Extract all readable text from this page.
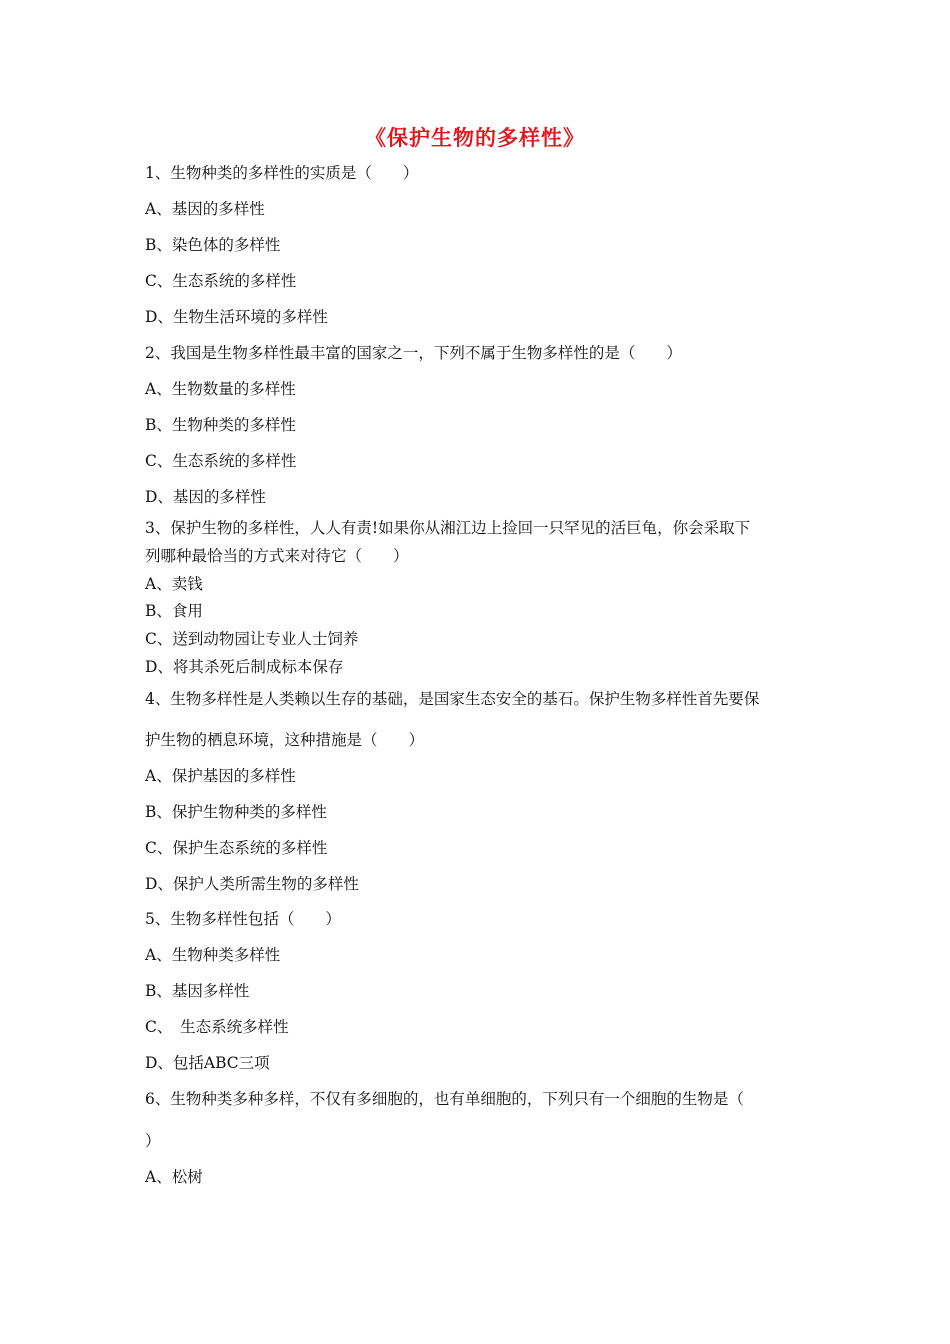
《保护生物的多样性》
1、生物种类的多样性的实质是（　　）
A、基因的多样性
B、染色体的多样性
C、生态系统的多样性
D、生物生活环境的多样性
2、我国是生物多样性最丰富的国家之一，下列不属于生物多样性的是（　　）
A、生物数量的多样性
B、生物种类的多样性
C、生态系统的多样性
D、基因的多样性
3、保护生物的多样性，人人有责!如果你从湘江边上捡回一只罕见的活巨龟，你会采取下
列哪种最恰当的方式来对待它（　　）
A、卖钱
B、食用
C、送到动物园让专业人士饲养
D、将其杀死后制成标本保存
4、生物多样性是人类赖以生存的基础，是国家生态安全的基石。保护生物多样性首先要保
护生物的栖息环境，这种措施是（　　）
A、保护基因的多样性
B、保护生物种类的多样性
C、保护生态系统的多样性
D、保护人类所需生物的多样性
5、生物多样性包括（　　）
A、生物种类多样性
B、基因多样性
C、　生态系统多样性
D、包括ABC三项
6、生物种类多种多样，不仅有多细胞的，也有单细胞的，下列只有一个细胞的生物是（
）
A、松树
